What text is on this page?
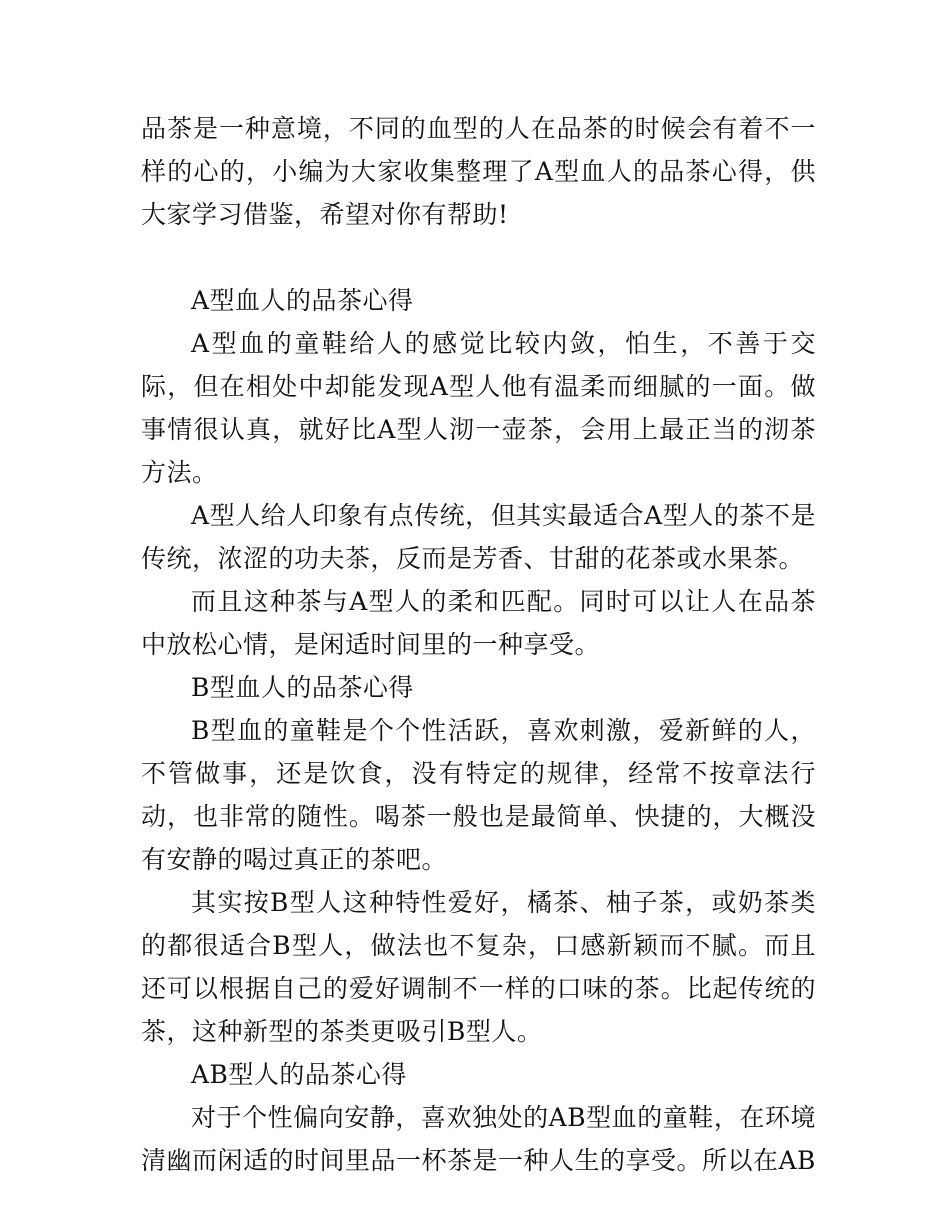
品茶是一种意境，不同的血型的人在品茶的时候会有着不一样的心的，小编为大家收集整理了A型血人的品茶心得，供大家学习借鉴，希望对你有帮助!

A型血人的品茶心得

A型血的童鞋给人的感觉比较内敛，怕生，不善于交际，但在相处中却能发现A型人他有温柔而细腻的一面。做事情很认真，就好比A型人沏一壶茶，会用上最正当的沏茶方法。

A型人给人印象有点传统，但其实最适合A型人的茶不是传统，浓涩的功夫茶，反而是芳香、甘甜的花茶或水果茶。

而且这种茶与A型人的柔和匹配。同时可以让人在品茶中放松心情，是闲适时间里的一种享受。

B型血人的品茶心得

B型血的童鞋是个个性活跃，喜欢刺激，爱新鲜的人，不管做事，还是饮食，没有特定的规律，经常不按章法行动，也非常的随性。喝茶一般也是最简单、快捷的，大概没有安静的喝过真正的茶吧。

其实按B型人这种特性爱好，橘茶、柚子茶，或奶茶类的都很适合B型人，做法也不复杂，口感新颖而不腻。而且还可以根据自己的爱好调制不一样的口味的茶。比起传统的茶，这种新型的茶类更吸引B型人。

AB型人的品茶心得

对于个性偏向安静，喜欢独处的AB型血的童鞋，在环境清幽而闲适的时间里品一杯茶是一种人生的享受。所以在AB
